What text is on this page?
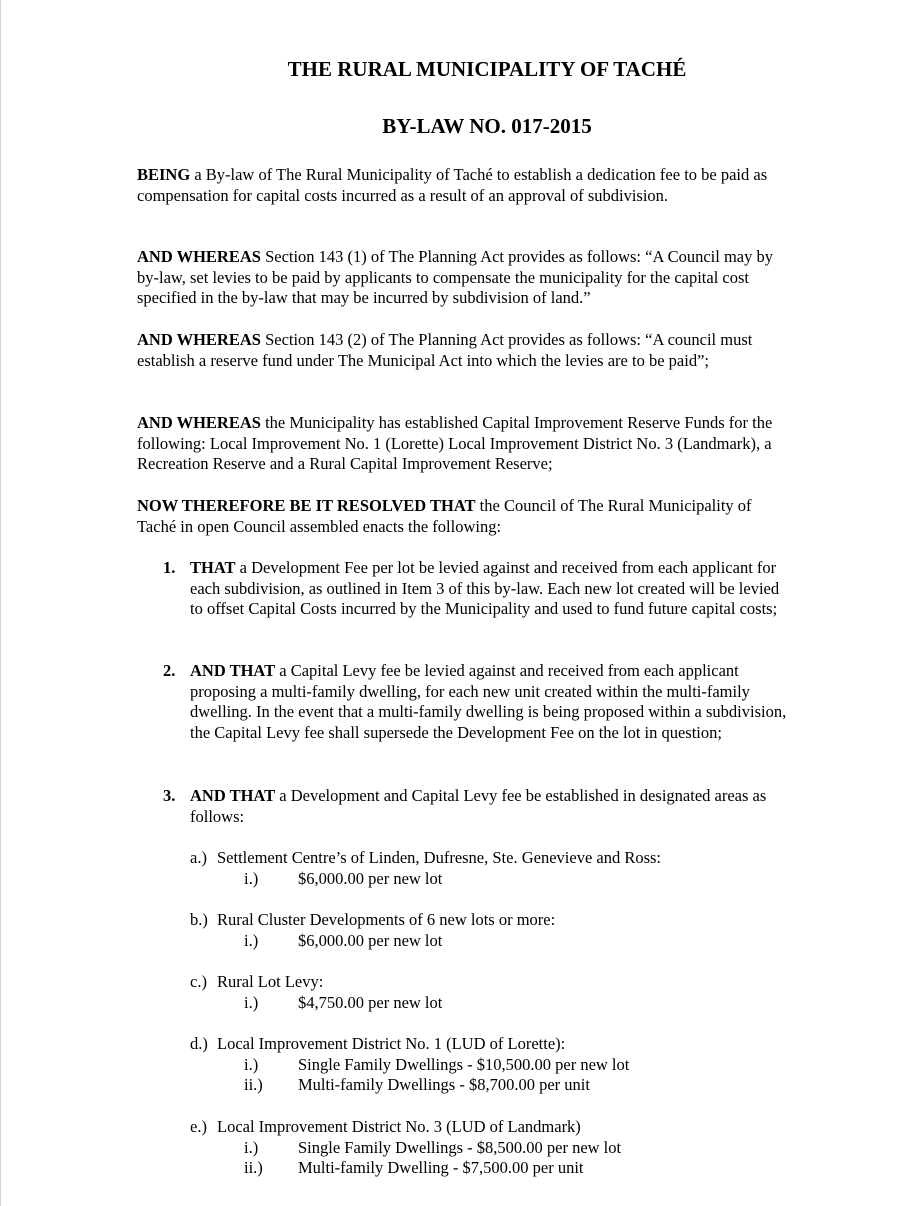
THE RURAL MUNICIPALITY OF TACHÉ
BY-LAW NO. 017-2015

BEING a By-law of The Rural Municipality of Taché to establish a dedication fee to be paid as compensation for capital costs incurred as a result of an approval of subdivision.

AND WHEREAS Section 143 (1) of The Planning Act provides as follows: “A Council may by by-law, set levies to be paid by applicants to compensate the municipality for the capital cost specified in the by-law that may be incurred by subdivision of land.”

AND WHEREAS Section 143 (2) of The Planning Act provides as follows: “A council must establish a reserve fund under The Municipal Act into which the levies are to be paid”;

AND WHEREAS the Municipality has established Capital Improvement Reserve Funds for the following: Local Improvement No. 1 (Lorette) Local Improvement District No. 3 (Landmark), a Recreation Reserve and a Rural Capital Improvement Reserve;

NOW THEREFORE BE IT RESOLVED THAT the Council of The Rural Municipality of Taché in open Council assembled enacts the following:

1. THAT a Development Fee per lot be levied against and received from each applicant for each subdivision, as outlined in Item 3 of this by-law. Each new lot created will be levied to offset Capital Costs incurred by the Municipality and used to fund future capital costs;
2. AND THAT a Capital Levy fee be levied against and received from each applicant proposing a multi-family dwelling, for each new unit created within the multi-family dwelling. In the event that a multi-family dwelling is being proposed within a subdivision, the Capital Levy fee shall supersede the Development Fee on the lot in question;
3. AND THAT a Development and Capital Levy fee be established in designated areas as follows:
a.) Settlement Centre’s of Linden, Dufresne, Ste. Genevieve and Ross:
i.) $6,000.00 per new lot
b.) Rural Cluster Developments of 6 new lots or more:
i.) $6,000.00 per new lot
c.) Rural Lot Levy:
i.) $4,750.00 per new lot
d.) Local Improvement District No. 1 (LUD of Lorette):
i.) Single Family Dwellings - $10,500.00 per new lot
ii.) Multi-family Dwellings - $8,700.00 per unit
e.) Local Improvement District No. 3 (LUD of Landmark)
i.) Single Family Dwellings - $8,500.00 per new lot
ii.) Multi-family Dwelling - $7,500.00 per unit
